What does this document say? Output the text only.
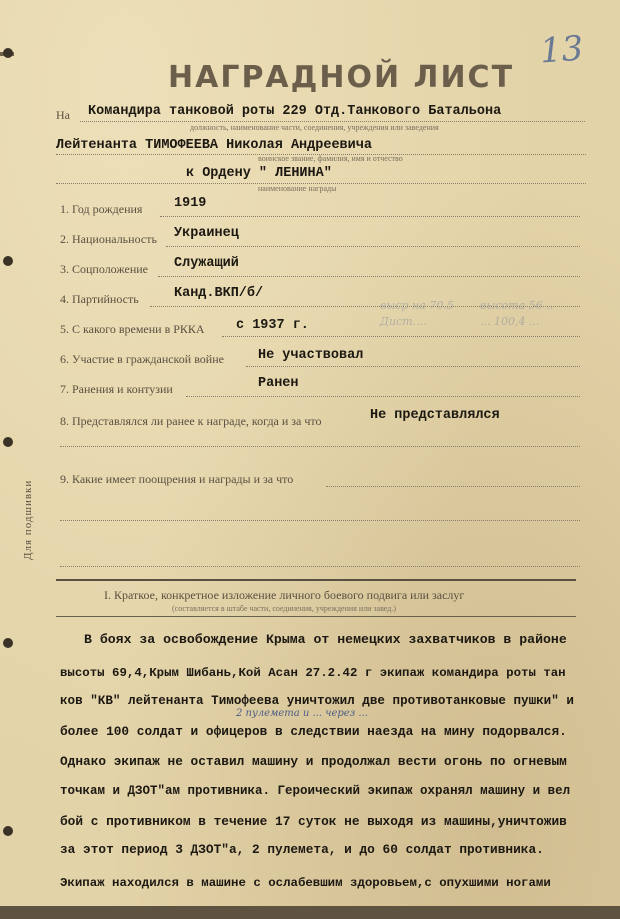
13
НАГРАДНОЙ ЛИСТ
На Командира танковой роты 229 Отд.Танкового Батальона
должность, наименование части, соединения, учреждения или заведения
Лейтенанта ТИМОФЕЕВА Николая Андреевича
воинское звание, фамилия, имя и отчество
к Ордену " ЛЕНИНА"
наименование награды
1. Год рождения 1919
2. Национальность Украинец
3. Соцположение Служащий
4. Партийность	Канд.ВКП/б/
5. С какого времени в РККА с 1937 г.
выср на 70.5
Дист....
высота 56 ..
... 100,4 ...
6. Участие в гражданской войне	Не участвовал
7. Ранения и контузии	Ранен
8. Представлялся ли ранее к награде, когда и за что	Не представлялся
9. Какие имеет поощрения и награды и за что
Для подшивки
I. Краткое, конкретное изложение личного боевого подвига или заслуг
(составляется в штабе части, соединения, учреждения или завед.)
В боях за освобождение Крыма от немецких захватчиков в районе
высоты 69,4,Крым Шибань,Кой Асан 27.2.42 г экипаж командира роты тан
ков "КВ" лейтенанта Тимофеева уничтожил две противотанковые пушки" и
2 пулемета и ... через ...
более 100 солдат и офицеров в следствии наезда на мину подорвался.
Однако экипаж не оставил машину и продолжал вести огонь по огневым
точкам и ДЗОТ"ам противника. Героический экипаж охранял машину и вел
бой с противником в течение 17 суток не выходя из машины,уничтожив
за этот период 3 ДЗОТ"а, 2 пулемета, и до 60 солдат противника.
Экипаж находился в машине с ослабевшим здоровьем,с опухшими ногами
